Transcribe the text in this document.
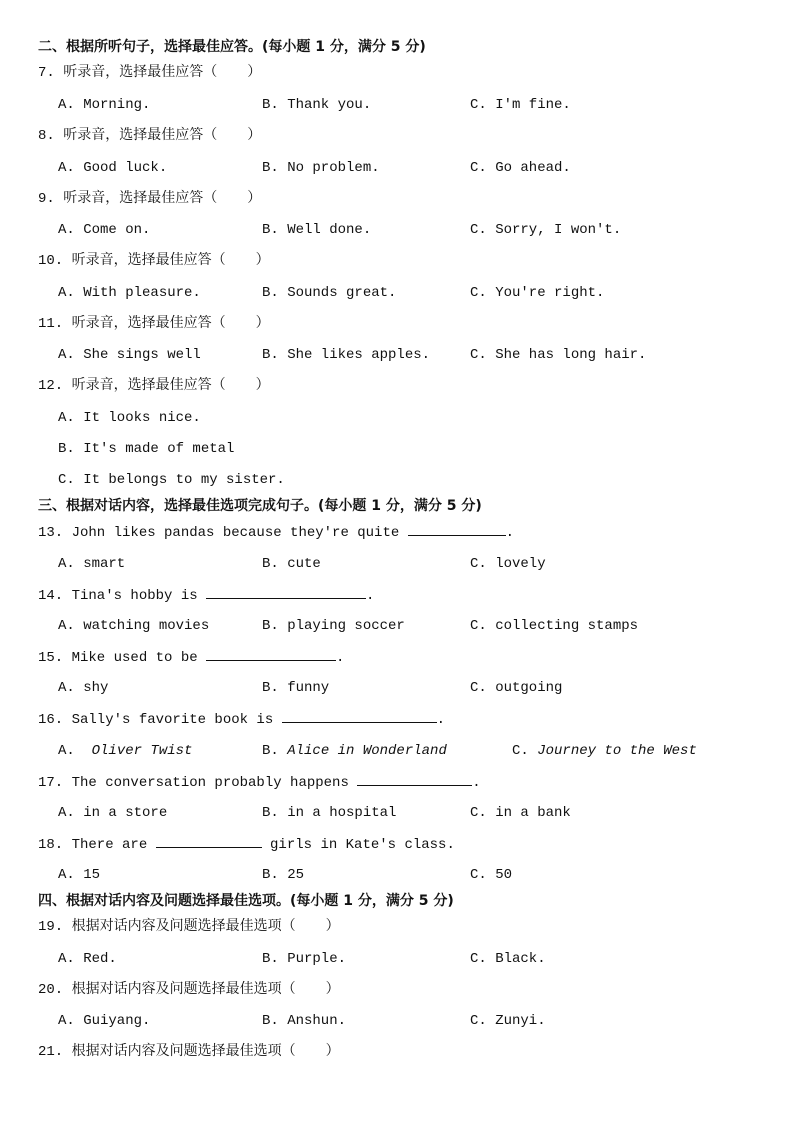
二、根据所听句子，选择最佳应答。(每小题 1 分，满分 5 分)
7. 听录音，选择最佳应答（ ）
A. Morning.	B. Thank you.	C. I'm fine.
8. 听录音，选择最佳应答（ ）
A. Good luck.	B. No problem.	C. Go ahead.
9. 听录音，选择最佳应答（ ）
A. Come on.	B. Well done.	C. Sorry, I won't.
10. 听录音，选择最佳应答（ ）
A. With pleasure.	B. Sounds great.	C. You're right.
11. 听录音，选择最佳应答（ ）
A. She sings well	B. She likes apples.	C. She has long hair.
12. 听录音，选择最佳应答（ ）
A. It looks nice.
B. It's made of metal
C. It belongs to my sister.
三、根据对话内容，选择最佳选项完成句子。(每小题 1 分，满分 5 分)
13. John likes pandas because they're quite	.
A. smart	B. cute	C. lovely
14. Tina's hobby is	.
A. watching movies	B. playing soccer	C. collecting stamps
15. Mike used to be	.
A. shy	B. funny	C. outgoing
16. Sally's favorite book is	.
A. Oliver Twist	B. Alice in Wonderland	C. Journey to the West
17. The conversation probably happens	.
A. in a store	B. in a hospital	C. in a bank
18. There are	girls in Kate's class.
A. 15	B. 25	C. 50
四、根据对话内容及问题选择最佳选项。(每小题 1 分，满分 5 分)
19. 根据对话内容及问题选择最佳选项（ ）
A. Red.	B. Purple.	C. Black.
20. 根据对话内容及问题选择最佳选项（ ）
A. Guiyang.	B. Anshun.	C. Zunyi.
21. 根据对话内容及问题选择最佳选项（ ）
